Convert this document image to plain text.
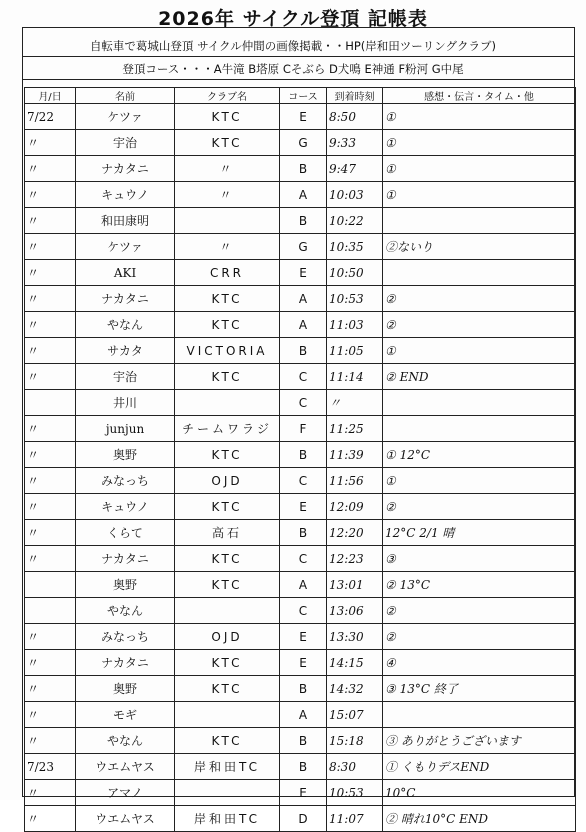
2026年 サイクル登頂 記帳表
自転車で葛城山登頂 サイクル仲間の画像掲載・・HP(岸和田ツーリングクラブ)
登頂コース・・・A牛滝 B塔原 Cそぶら D犬鳴 E神通 F粉河 G中尾
月/日	名前	クラブ名	コース	到着時刻	感想・伝言・タイム・他
7/22	ケツァ	KTC	E	8:50	①
〃	宇治	KTC	G	9:33	①
〃	ナカタニ	〃	B	9:47	①
〃	キュウノ	〃	A	10:03	①
〃	和田康明		B	10:22	
〃	ケツァ	〃	G	10:35	②ないり
〃	AKI	CRR	E	10:50	
〃	ナカタニ	KTC	A	10:53	②
〃	やなん	KTC	A	11:03	②
〃	サカタ	VICTORIA	B	11:05	①
〃	宇治	KTC	C	11:14	② END
	井川		C	〃	
〃	junjun	チームワラジ	F	11:25	
〃	奥野	KTC	B	11:39	① 12°C
〃	みなっち	OJD	C	11:56	①
〃	キュウノ	KTC	E	12:09	②
〃	くらて	高石	B	12:20	12°C 2/1 晴
〃	ナカタニ	KTC	C	12:23	③
	奥野	KTC	A	13:01	② 13°C
	やなん		C	13:06	②
〃	みなっち	OJD	E	13:30	②
〃	ナカタニ	KTC	E	14:15	④
〃	奥野	KTC	B	14:32	③ 13°C 終了
〃	モギ		A	15:07	
〃	やなん	KTC	B	15:18	③ ありがとうございます
7/23	ウエムヤス	岸和田TC	B	8:30	① くもりデスEND
〃	アマノ		E	10:53	10°C
〃	ウエムヤス	岸和田TC	D	11:07	② 晴れ10°C END
